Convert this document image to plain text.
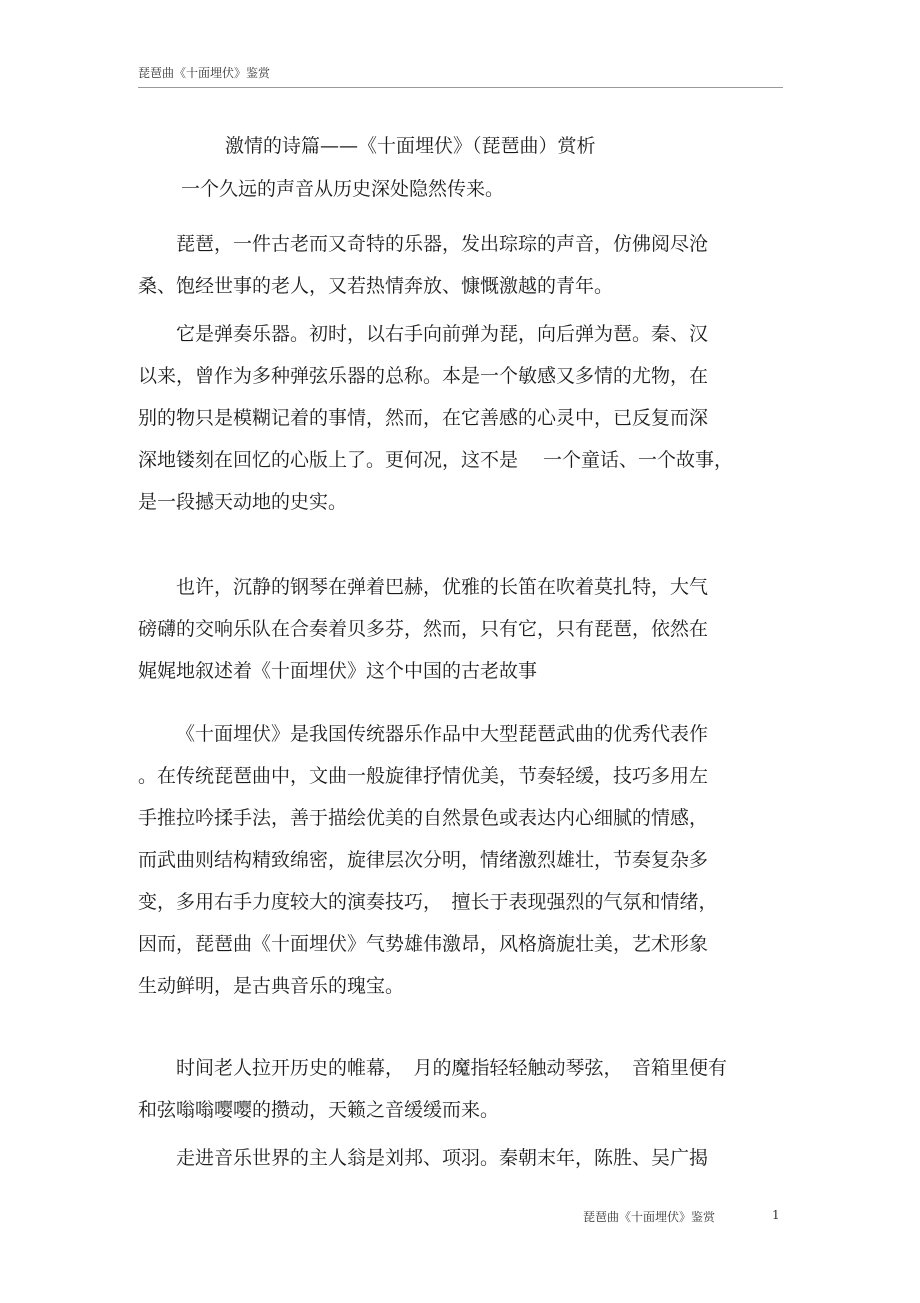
琵琶曲《十面埋伏》鉴赏
激情的诗篇——《十面埋伏》（琵琶曲）赏析

一个久远的声音从历史深处隐然传来。

琵琶，一件古老而又奇特的乐器，发出琮琮的声音，仿佛阅尽沧
桑、饱经世事的老人，又若热情奔放、慷慨激越的青年。

它是弹奏乐器。初时，以右手向前弹为琵，向后弹为琶。秦、汉
以来，曾作为多种弹弦乐器的总称。本是一个敏感又多情的尤物，在
别的物只是模糊记着的事情，然而，在它善感的心灵中，已反复而深
深地镂刻在回忆的心版上了。更何况，这不是　 一个童话、一个故事，
是一段撼天动地的史实。

也许，沉静的钢琴在弹着巴赫，优雅的长笛在吹着莫扎特，大气
磅礴的交响乐队在合奏着贝多芬，然而，只有它，只有琵琶，依然在
娓娓地叙述着《十面埋伏》这个中国的古老故事

《十面埋伏》是我国传统器乐作品中大型琵琶武曲的优秀代表作
。在传统琵琶曲中，文曲一般旋律抒情优美，节奏轻缓，技巧多用左
手推拉吟揉手法，善于描绘优美的自然景色或表达内心细腻的情感，
而武曲则结构精致绵密，旋律层次分明，情绪激烈雄壮，节奏复杂多
变，多用右手力度较大的演奏技巧，　擅长于表现强烈的气氛和情绪，
因而，琵琶曲《十面埋伏》气势雄伟激昂，风格旖旎壮美，艺术形象
生动鲜明，是古典音乐的瑰宝。

时间老人拉开历史的帷幕，　月的魔指轻轻触动琴弦，　音箱里便有
和弦嗡嗡嘤嘤的攒动，天籁之音缓缓而来。

走进音乐世界的主人翁是刘邦、项羽。秦朝末年，陈胜、吴广揭

琵琶曲《十面埋伏》鉴赏	1
